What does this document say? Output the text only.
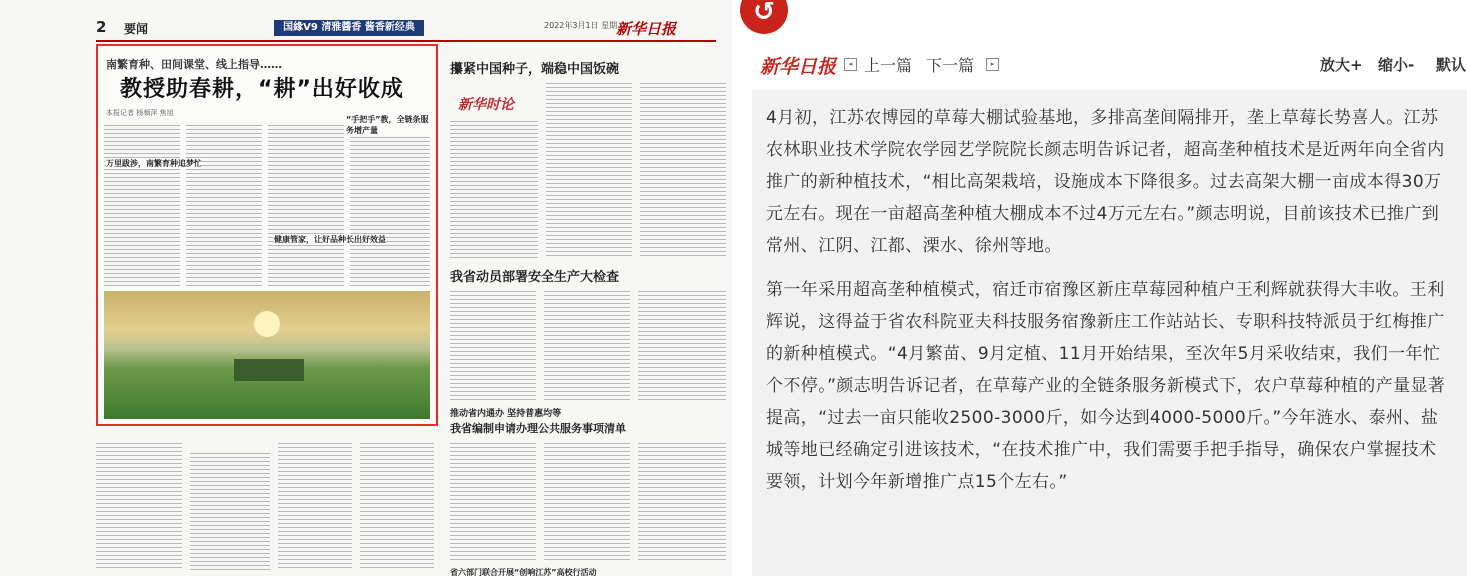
2 要闻	国緣V9 清雅醬香 酱香新经典	2022年3月1日 星期二
新华日报
南繁育种、田间课堂、线上指导……
教授助春耕，“耕”出好收成
本报记者 杨频萍 焦旭
万里跋涉，南繁育种追梦忙
健康管家，让好品种长出好效益
“手把手”教，全链条服务增产量
攥紧中国种子，端稳中国饭碗
新华时论
我省动员部署安全生产大检查
推动省内通办 坚持普惠均等
我省编制申请办理公共服务事项清单
省六部门联合开展“创响江苏”高校行活动
↺
新华日报	◂ 上一篇 下一篇	▸	放大+ 缩小- 默认

4月初，江苏农博园的草莓大棚试验基地，多排高垄间隔排开，垄上草莓长势喜人。江苏农林职业技术学院农学园艺学院院长颜志明告诉记者，超高垄种植技术是近两年向全省内推广的新种植技术，“相比高架栽培，设施成本下降很多。过去高架大棚一亩成本得30万元左右。现在一亩超高垄种植大棚成本不过4万元左右。”颜志明说，目前该技术已推广到常州、江阴、江都、溧水、徐州等地。

第一年采用超高垄种植模式，宿迁市宿豫区新庄草莓园种植户王利辉就获得大丰收。王利辉说，这得益于省农科院亚夫科技服务宿豫新庄工作站站长、专职科技特派员于红梅推广的新种植模式。“4月繁苗、9月定植、11月开始结果，至次年5月采收结束，我们一年忙个不停。”颜志明告诉记者，在草莓产业的全链条服务新模式下，农户草莓种植的产量显著提高，“过去一亩只能收2500-3000斤，如今达到4000-5000斤。”今年涟水、泰州、盐城等地已经确定引进该技术，“在技术推广中，我们需要手把手指导，确保农户掌握技术要领，计划今年新增推广点15个左右。”
